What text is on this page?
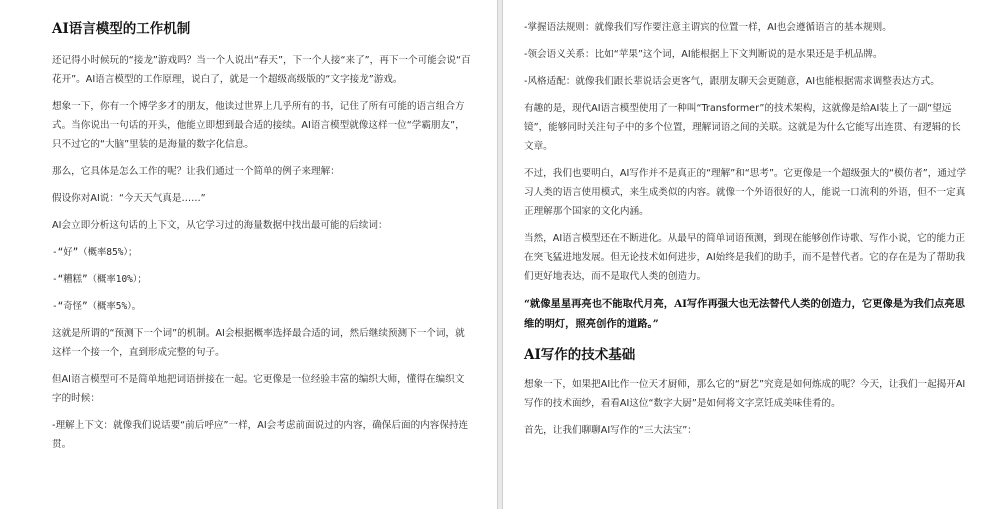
AI语言模型的工作机制

还记得小时候玩的“接龙”游戏吗？当一个人说出“春天”，下一个人接“来了”，再下一个可能会说“百花开”。AI语言模型的工作原理，说白了，就是一个超级高级版的“文字接龙”游戏。

想象一下，你有一个博学多才的朋友，他读过世界上几乎所有的书，记住了所有可能的语言组合方式。当你说出一句话的开头，他能立即想到最合适的接续。AI语言模型就像这样一位“学霸朋友”，只不过它的“大脑”里装的是海量的数字化信息。

那么，它具体是怎么工作的呢？让我们通过一个简单的例子来理解：

假设你对AI说：“今天天气真是……”

AI会立即分析这句话的上下文，从它学习过的海量数据中找出最可能的后续词：

-“好”（概率85%）；

-“糟糕”（概率10%）；

-“奇怪”（概率5%）。

这就是所谓的“预测下一个词”的机制。AI会根据概率选择最合适的词，然后继续预测下一个词，就这样一个接一个，直到形成完整的句子。

但AI语言模型可不是简单地把词语拼接在一起。它更像是一位经验丰富的编织大师，懂得在编织文字的时候：

-理解上下文：就像我们说话要“前后呼应”一样，AI会考虑前面说过的内容，确保后面的内容保持连贯。

-掌握语法规则：就像我们写作要注意主谓宾的位置一样，AI也会遵循语言的基本规则。

-领会语义关系：比如“苹果”这个词，AI能根据上下文判断说的是水果还是手机品牌。

-风格适配：就像我们跟长辈说话会更客气，跟朋友聊天会更随意，AI也能根据需求调整表达方式。

有趣的是，现代AI语言模型使用了一种叫“Transformer”的技术架构，这就像是给AI装上了一副“望远镜”，能够同时关注句子中的多个位置，理解词语之间的关联。这就是为什么它能写出连贯、有逻辑的长文章。

不过，我们也要明白，AI写作并不是真正的“理解”和“思考”。它更像是一个超级强大的“模仿者”，通过学习人类的语言使用模式，来生成类似的内容。就像一个外语很好的人，能说一口流利的外语，但不一定真正理解那个国家的文化内涵。

当然，AI语言模型还在不断进化。从最早的简单词语预测，到现在能够创作诗歌、写作小说，它的能力正在突飞猛进地发展。但无论技术如何进步，AI始终是我们的助手，而不是替代者。它的存在是为了帮助我们更好地表达，而不是取代人类的创造力。

“就像星星再亮也不能取代月亮，AI写作再强大也无法替代人类的创造力，它更像是为我们点亮思维的明灯，照亮创作的道路。”

AI写作的技术基础

想象一下，如果把AI比作一位天才厨师，那么它的“厨艺”究竟是如何炼成的呢？今天，让我们一起揭开AI写作的技术面纱，看看AI这位“数字大厨”是如何将文字烹饪成美味佳肴的。

首先，让我们聊聊AI写作的“三大法宝”：
